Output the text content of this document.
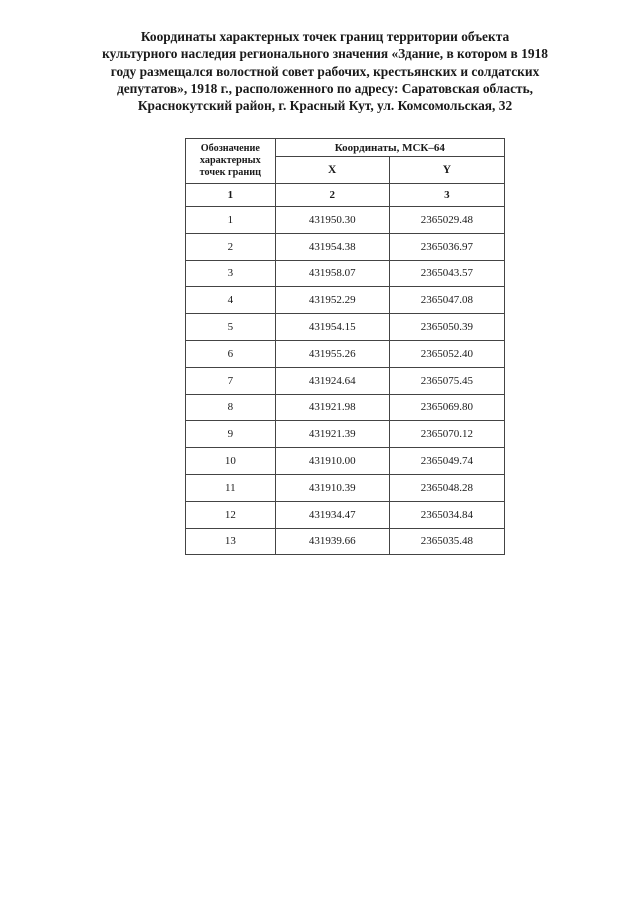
Координаты характерных точек границ территории объекта
культурного наследия регионального значения «Здание, в котором в 1918
году размещался волостной совет рабочих, крестьянских и солдатских
депутатов», 1918 г., расположенного по адресу: Саратовская область,
Краснокутский район, г. Красный Кут, ул. Комсомольская, 32
Обозначение
характерных
точек границ	Координаты, МСК–64	
	X	Y
1	2	3
1	431950.30	2365029.48
2	431954.38	2365036.97
3	431958.07	2365043.57
4	431952.29	2365047.08
5	431954.15	2365050.39
6	431955.26	2365052.40
7	431924.64	2365075.45
8	431921.98	2365069.80
9	431921.39	2365070.12
10	431910.00	2365049.74
11	431910.39	2365048.28
12	431934.47	2365034.84
13	431939.66	2365035.48
